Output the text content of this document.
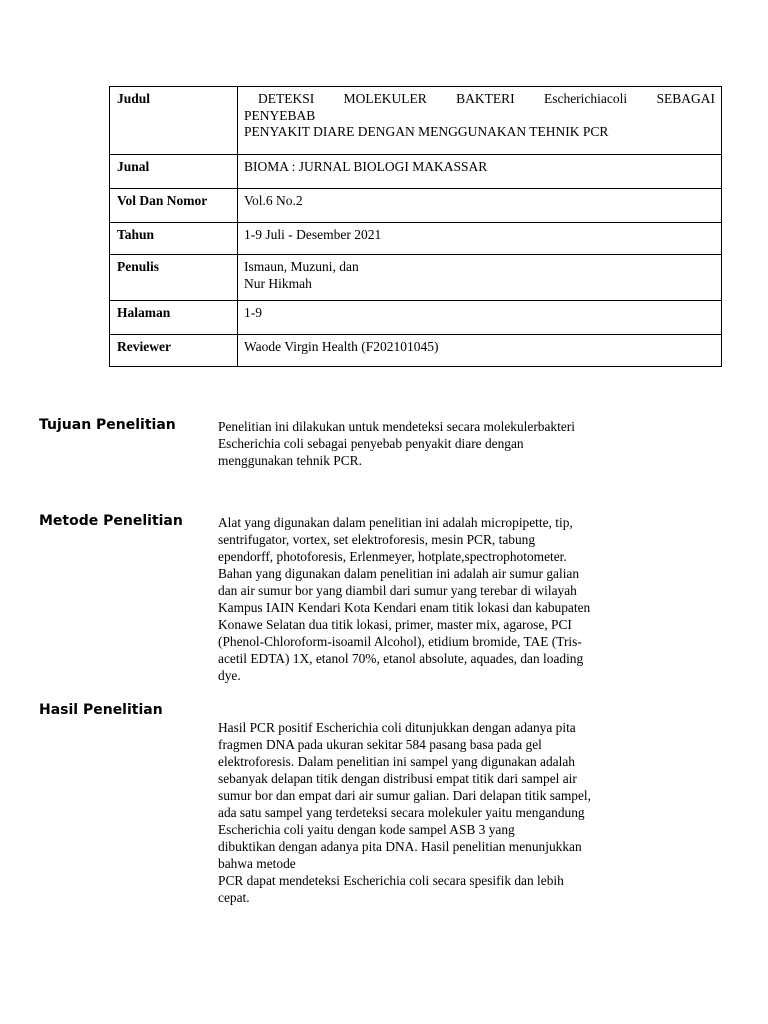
Judul	DETEKSI MOLEKULER BAKTERI Escherichiacoli SEBAGAI
PENYEBAB
PENYAKIT DIARE DENGAN MENGGUNAKAN TEHNIK PCR

Junal	BIOMA : JURNAL BIOLOGI MAKASSAR
Vol Dan Nomor	Vol.6 No.2
Tahun	1-9 Juli - Desember 2021
Penulis	Ismaun, Muzuni, dan
Nur Hikmah

Halaman	1-9
Reviewer	Waode Virgin Health (F202101045)
Tujuan Penelitian	Penelitian ini dilakukan untuk mendeteksi secara molekulerbakteri
Escherichia coli sebagai penyebab penyakit diare dengan
menggunakan tehnik PCR.
Metode Penelitian	Alat yang digunakan dalam penelitian ini adalah micropipette, tip,
sentrifugator, vortex, set elektroforesis, mesin PCR, tabung
ependorff, photoforesis, Erlenmeyer, hotplate,spectrophotometer.
Bahan yang digunakan dalam penelitian ini adalah air sumur galian
dan air sumur bor yang diambil dari sumur yang terebar di wilayah
Kampus IAIN Kendari Kota Kendari enam titik lokasi dan kabupaten
Konawe Selatan dua titik lokasi, primer, master mix, agarose, PCI
(Phenol-Chloroform-isoamil Alcohol), etidium bromide, TAE (Tris-
acetil EDTA) 1X, etanol 70%, etanol absolute, aquades, dan loading
dye.
Hasil Penelitian
Hasil PCR positif Escherichia coli ditunjukkan dengan adanya pita
fragmen DNA pada ukuran sekitar 584 pasang basa pada gel
elektroforesis. Dalam penelitian ini sampel yang digunakan adalah
sebanyak delapan titik dengan distribusi empat titik dari sampel air
sumur bor dan empat dari air sumur galian. Dari delapan titik sampel,
ada satu sampel yang terdeteksi secara molekuler yaitu mengandung
Escherichia coli yaitu dengan kode sampel ASB 3 yang
dibuktikan dengan adanya pita DNA. Hasil penelitian menunjukkan
bahwa metode
PCR dapat mendeteksi Escherichia coli secara spesifik dan lebih
cepat.
